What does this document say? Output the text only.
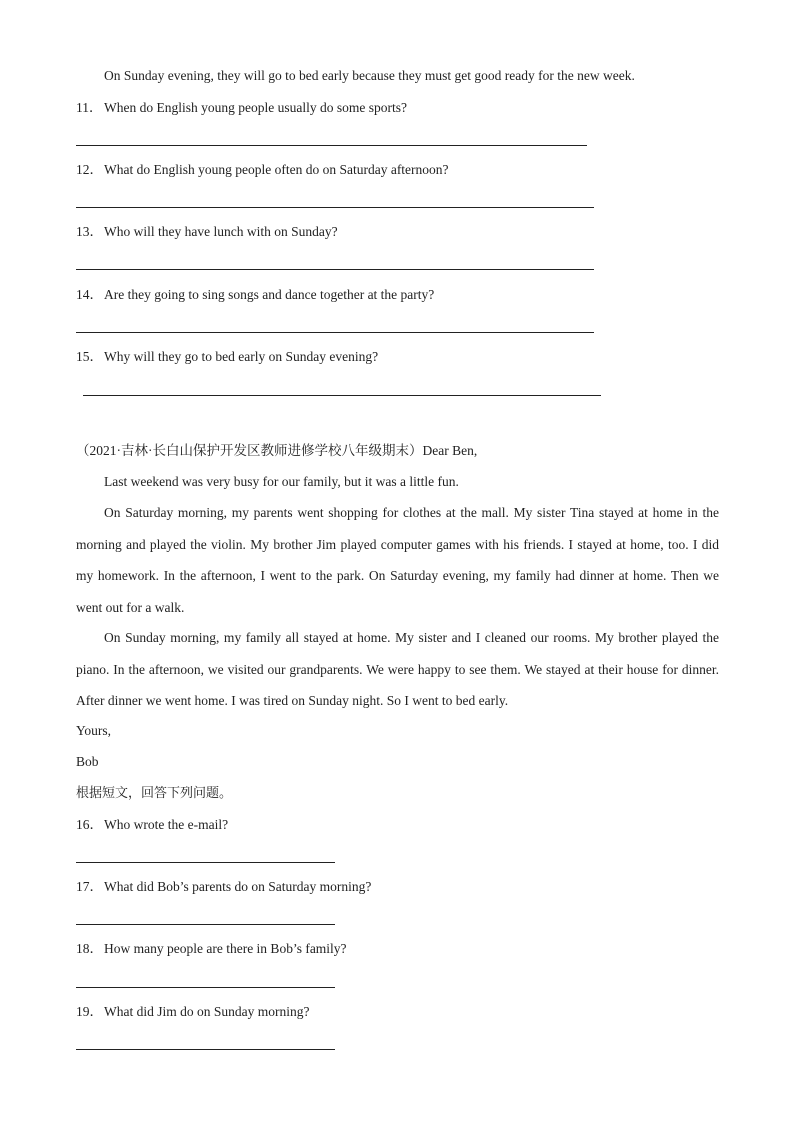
On Sunday evening, they will go to bed early because they must get good ready for the new week.
11． When do English young people usually do some sports?
12．What do English young people often do on Saturday afternoon?
13．Who will they have lunch with on Sunday?
14．Are they going to sing songs and dance together at the party?
15．Why will they go to bed early on Sunday evening?
（2021·吉林·长白山保护开发区教师进修学校八年级期末）Dear Ben,
Last weekend was very busy for our family, but it was a little fun.
On Saturday morning, my parents went shopping for clothes at the mall. My sister Tina stayed at home in the morning and played the violin. My brother Jim played computer games with his friends. I stayed at home, too. I did my homework. In the afternoon, I went to the park. On Saturday evening, my family had dinner at home. Then we went out for a walk.
On Sunday morning, my family all stayed at home. My sister and I cleaned our rooms. My brother played the piano. In the afternoon, we visited our grandparents. We were happy to see them. We stayed at their house for dinner. After dinner we went home. I was tired on Sunday night. So I went to bed early.
Yours,
Bob
根据短文，回答下列问题。
16．Who wrote the e-mail?
17．What did Bob’s parents do on Saturday morning?
18．How many people are there in Bob’s family?
19．What did Jim do on Sunday morning?
